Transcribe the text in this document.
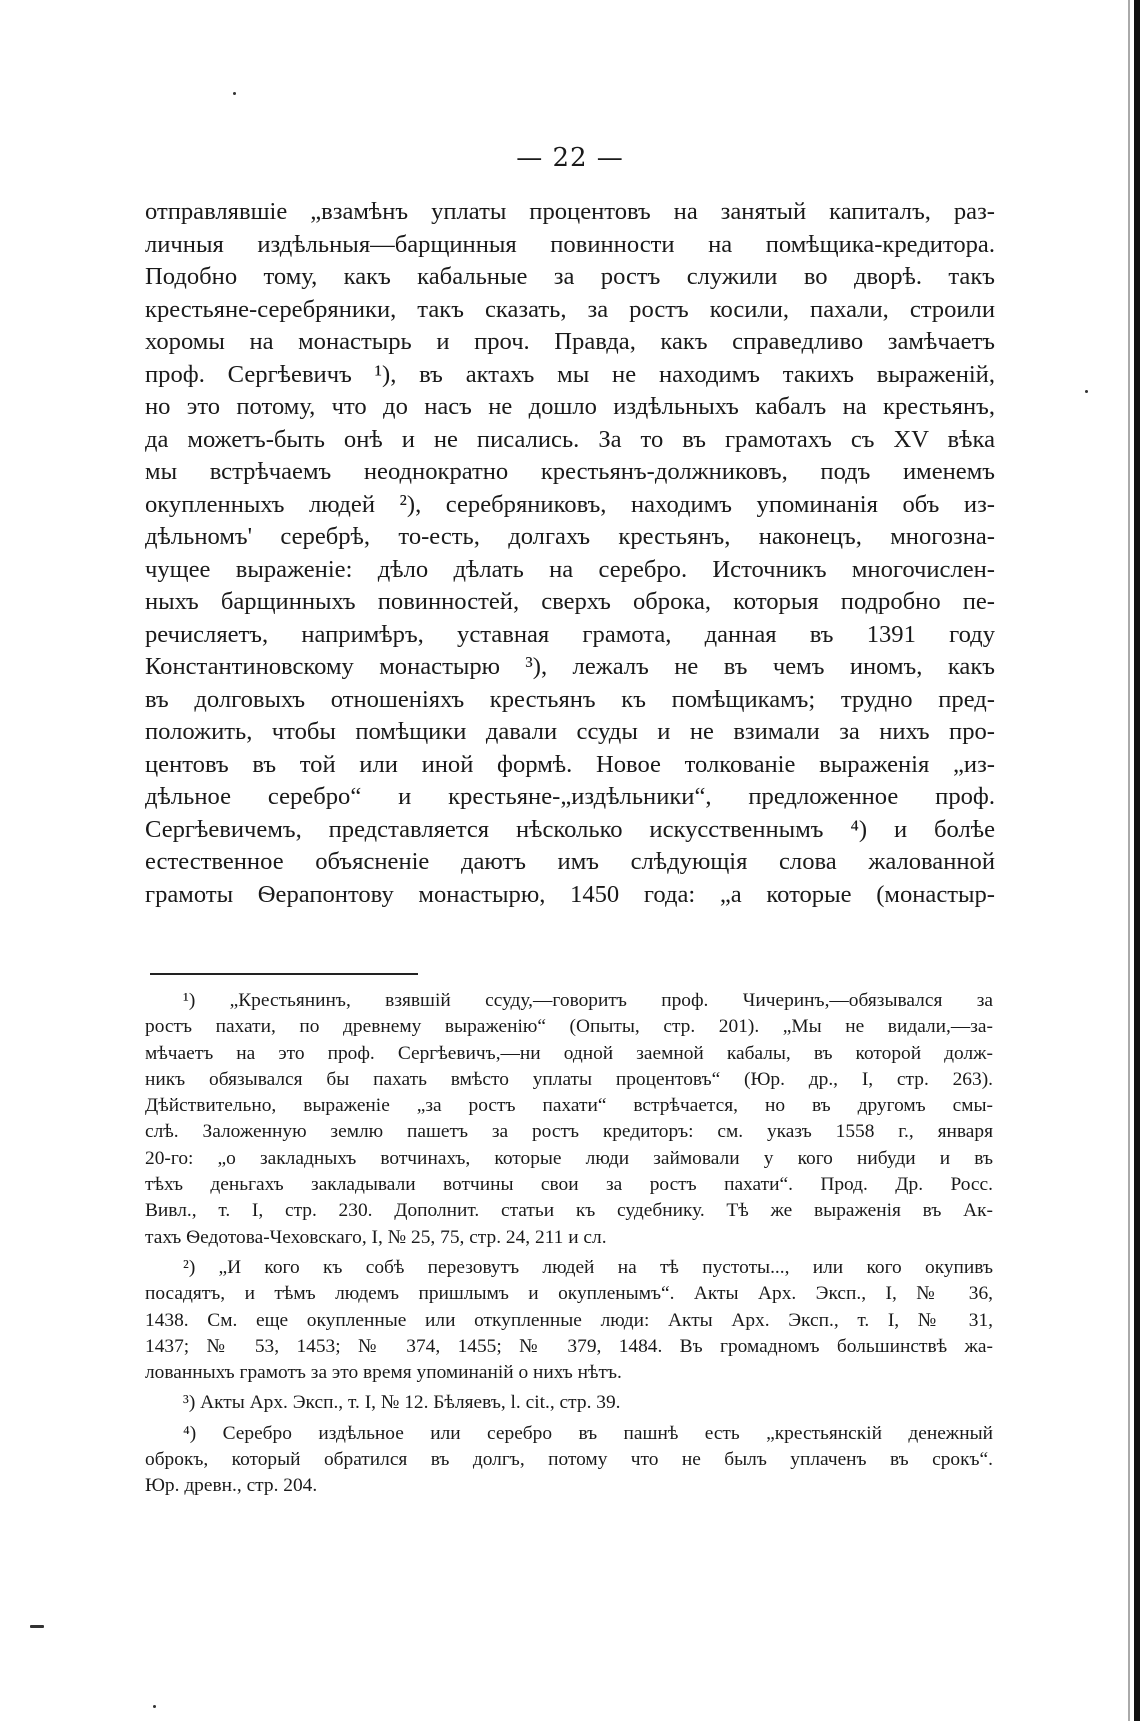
— 22 —
отправлявшіе „взамѣнъ уплаты процентовъ на занятый капиталъ, раз-
личныя издѣльныя—барщинныя повинности на помѣщика-кредитора.
Подобно тому, какъ кабальные за ростъ служили во дворѣ. такъ
крестьяне-серебряники, такъ сказать, за ростъ косили, пахали, строили
хоромы на монастырь и проч. Правда, какъ справедливо замѣчаетъ
проф. Сергѣевичъ ¹), въ актахъ мы не находимъ такихъ выраженій,
но это потому, что до насъ не дошло издѣльныхъ кабалъ на крестьянъ,
да можетъ-быть онѣ и не писались. За то въ грамотахъ съ XV вѣка
мы встрѣчаемъ неоднократно крестьянъ-должниковъ, подъ именемъ
окупленныхъ людей ²), серебряниковъ, находимъ упоминанія объ из-
дѣльномъ' серебрѣ, то-есть, долгахъ крестьянъ, наконецъ, многозна-
чущее выраженіе: дѣло дѣлать на серебро. Источникъ многочислен-
ныхъ барщинныхъ повинностей, сверхъ оброка, которыя подробно пе-
речисляетъ, напримѣръ, уставная грамота, данная въ 1391 году
Константиновскому монастырю ³), лежалъ не въ чемъ иномъ, какъ
въ долговыхъ отношеніяхъ крестьянъ къ помѣщикамъ; трудно пред-
положить, чтобы помѣщики давали ссуды и не взимали за нихъ про-
центовъ въ той или иной формѣ. Новое толкованіе выраженія „из-
дѣльное серебро“ и крестьяне-„издѣльники“, предложенное проф.
Сергѣевичемъ, представляется нѣсколько искусственнымъ ⁴) и болѣе
естественное объясненіе даютъ имъ слѣдующія слова жалованной
грамоты Ѳерапонтову монастырю, 1450 года: „а которые (монастыр-
¹) „Крестьянинъ, взявшій ссуду,—говоритъ проф. Чичеринъ,—обязывался за
ростъ пахати, по древнему выраженію“ (Опыты, стр. 201). „Мы не видали,—за-
мѣчаетъ на это проф. Сергѣевичъ,—ни одной заемной кабалы, въ которой долж-
никъ обязывался бы пахать вмѣсто уплаты процентовъ“ (Юр. др., I, стр. 263).
Дѣйствительно, выраженіе „за ростъ пахати“ встрѣчается, но въ другомъ смы-
слѣ. Заложенную землю пашетъ за ростъ кредиторъ: см. указъ 1558 г., января
20-го: „о закладныхъ вотчинахъ, которые люди займовали у кого нибуди и въ
тѣхъ деньгахъ закладывали вотчины свои за ростъ пахати“. Прод. Др. Росс.
Вивл., т. I, стр. 230. Дополнит. статьи къ судебнику. Тѣ же выраженія въ Ак-
тахъ Ѳедотова-Чеховскаго, I, № 25, 75, стр. 24, 211 и сл.
²) „И кого къ собѣ перезовутъ людей на тѣ пустоты..., или кого окупивъ
посадятъ, и тѣмъ людемъ пришлымъ и окупленымъ“. Акты Арх. Эксп., I, № 36,
1438. См. еще окупленные или откупленные люди: Акты Арх. Эксп., т. I, № 31,
1437; № 53, 1453; № 374, 1455; № 379, 1484. Въ громадномъ большинствѣ жа-
лованныхъ грамотъ за это время упоминаній о нихъ нѣтъ.
³) Акты Арх. Эксп., т. I, № 12. Бѣляевъ, l. cit., стр. 39.
⁴) Серебро издѣльное или серебро въ пашнѣ есть „крестьянскій денежный
оброкъ, который обратился въ долгъ, потому что не былъ уплаченъ въ срокъ“.
Юр. древн., стр. 204.
